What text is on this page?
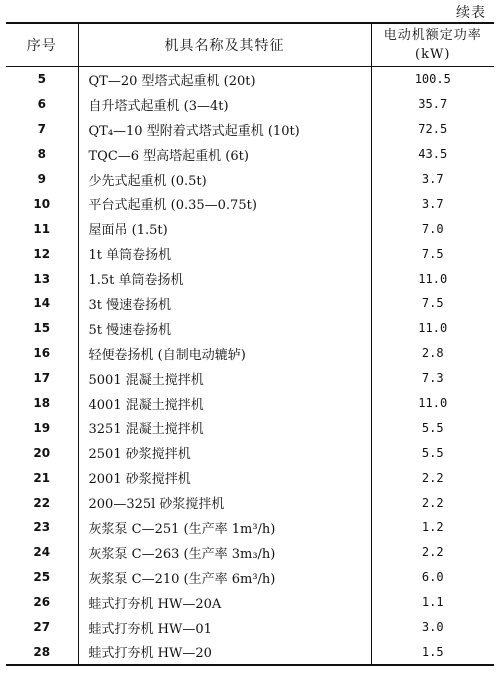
续表
序号	机具名称及其特征	电动机额定功率
(kW)

5	QT—20 型塔式起重机 (20t)	100.5
6	自升塔式起重机 (3—4t)	35.7
7	QT₄—10 型附着式塔式起重机 (10t)	72.5
8	TQC—6 型高塔起重机 (6t)	43.5
9	少先式起重机 (0.5t)	3.7
10	平台式起重机 (0.35—0.75t)	3.7
11	屋面吊 (1.5t)	7.0
12	1t 单筒卷扬机	7.5
13	1.5t 单筒卷扬机	11.0
14	3t 慢速卷扬机	7.5
15	5t 慢速卷扬机	11.0
16	轻便卷扬机 (自制电动辘轳)	2.8
17	5001 混凝土搅拌机	7.3
18	4001 混凝土搅拌机	11.0
19	3251 混凝土搅拌机	5.5
20	2501 砂浆搅拌机	5.5
21	2001 砂浆搅拌机	2.2
22	200—325l 砂浆搅拌机	2.2
23	灰浆泵 C—251 (生产率 1m³/h)	1.2
24	灰浆泵 C—263 (生产率 3m₃/h)	2.2
25	灰浆泵 C—210 (生产率 6m³/h)	6.0
26	蛙式打夯机 HW—20A	1.1
27	蛙式打夯机 HW—01	3.0
28	蛙式打夯机 HW—20	1.5
